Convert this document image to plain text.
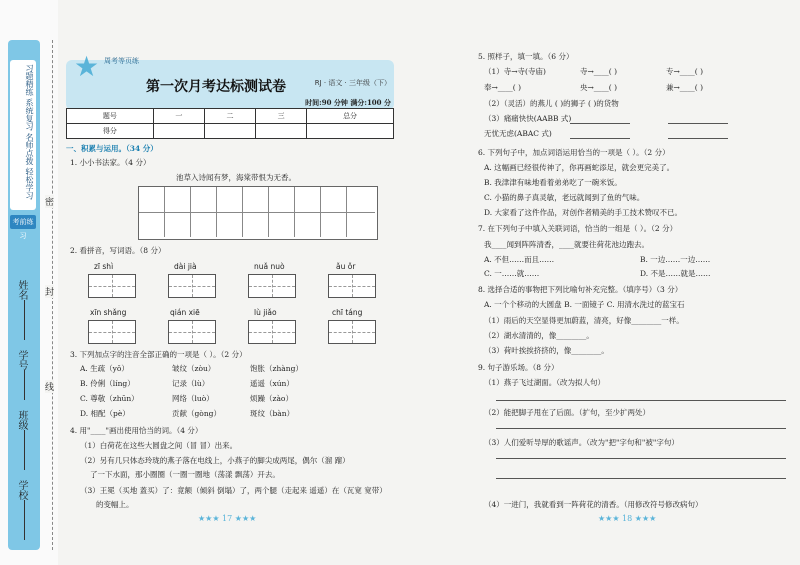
习题精练 系统复习 名师点拨 轻松学习
考前练习
姓名
学号
班级
学校
密
封
线
★ 周考等页练
第一次月考达标测试卷	RJ · 语文 · 三年级（下）
时间:90 分钟 满分:100 分
题号	一	二	三	总分
得分				
一、积累与运用。（34 分）
1. 小小书法家。（4 分）
池草入诗闻有梦，海棠带恨为无香。
2. 看拼音，写词语。（8 分）
zī shì	dài jià	nuǎ nuò	ǎu ǒr
xīn shǎng	qián xiē	lù jiǎo	chī táng
3. 下列加点字的注音全部正确的一项是（ ）。（2 分）
A. 生疏（yǒ）	皱纹（zòu）	饱胀（zhàng）
B. 伶俐（líng）	记录（lù）	遥遥（xún）
C. 尊敬（zhūn）	网络（luò）	烦躁（zào）
D. 相配（pè）	贡献（gòng）	斑纹（bàn）
4. 用"____"画出使用恰当的词。（4 分）
（1）白荷花在这些大圆盘之间（冒 冒）出来。
（2）另有几只体态玲珑的燕子落在电线上，小燕子的脚尖成两尾，偶尔（溜 蹓）
了一下水面，那小圈圈（一圈一圈地（荡漾 飘荡）开去。
（3）王冕（买地 蓋买）了：竟额（倾斜 倒塌）了，两个腿（走起来 遥遥）在（瓦宽 宽带）
的变幅上。
★★★ 17 ★★★
5. 照样子，填一填。（6 分）
（1）寺→寺(寺庙)	寺→____( )	专→____( )
奉→____( )	央→____( )	兼→____( )
（2）（灵活）的燕儿 ( )的狮子 ( )的货物
（3）痛痛快快(AABB 式)
无忧无虑(ABAC 式)
6. 下列句子中，加点词语运用恰当的一项是（ ）。（2 分）
A. 这幅画已经很传神了，你再画蛇添足，就会更完美了。
B. 我津津有味地看着弟弟吃了一碗米饭。
C. 小猫的鼻子真灵敏，老远就闻到了鱼的气味。
D. 大家看了这件作品，对创作者精美的手工技术赞叹不已。
7. 在下列句子中填入关联词语，恰当的一组是（ ）。（2 分）
我____闻到阵阵清香，____就要往荷花池边跑去。
A. 不但……而且……	B. 一边……一边……
C. 一……就……	D. 不是……就是……
8. 选择合适的事物把下列比喻句补充完整。（填序号）（3 分）
A. 一个个移动的大圆盘 B. 一面镜子 C. 用清水洗过的蓝宝石
（1）雨后的天空显得更加蔚蓝，清亮，好像________一样。
（2）湖水清清的，像________。
（3）荷叶挨挨挤挤的，像________。
9. 句子游乐场。（8 分）
（1）燕子飞过湖面。（改为拟人句）
（2）能把脚子甩在了后面。（扩句，至少扩两处）
（3）人们爱听导厚的歌谣声。（改为"把"字句和"被"字句）
（4）一进门，我就看到一阵荷花的清香。（用修改符号修改病句）
★★★ 18 ★★★
